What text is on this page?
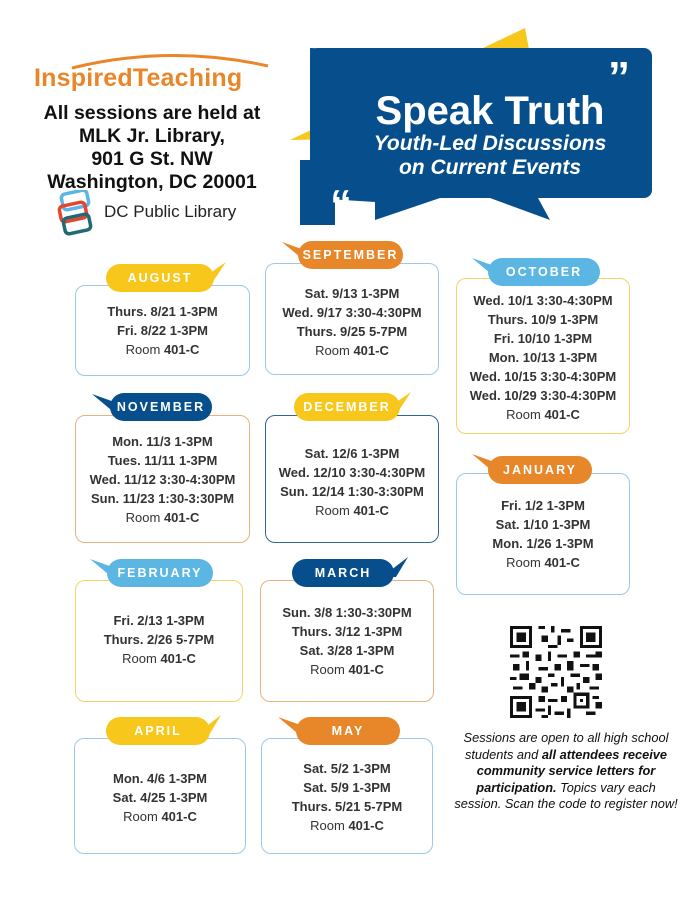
InspiredTeaching
All sessions are held at
MLK Jr. Library,
901 G St. NW
Washington, DC 20001
DC Public Library
”
“
Speak Truth
Youth-Led Discussions
on Current Events
Thurs. 8/21 1-3PM
Fri. 8/22 1-3PM
Room 401-C
AUGUST
Sat. 9/13 1-3PM
Wed. 9/17 3:30-4:30PM
Thurs. 9/25 5-7PM
Room 401-C
SEPTEMBER
Wed. 10/1 3:30-4:30PM
Thurs. 10/9 1-3PM
Fri. 10/10 1-3PM
Mon. 10/13 1-3PM
Wed. 10/15 3:30-4:30PM
Wed. 10/29 3:30-4:30PM
Room 401-C
OCTOBER
Mon. 11/3 1-3PM
Tues. 11/11 1-3PM
Wed. 11/12 3:30-4:30PM
Sun. 11/23 1:30-3:30PM
Room 401-C
NOVEMBER
Sat. 12/6 1-3PM
Wed. 12/10 3:30-4:30PM
Sun. 12/14 1:30-3:30PM
Room 401-C
DECEMBER
Fri. 1/2 1-3PM
Sat. 1/10 1-3PM
Mon. 1/26 1-3PM
Room 401-C
JANUARY
Fri. 2/13 1-3PM
Thurs. 2/26 5-7PM
Room 401-C
FEBRUARY
Sun. 3/8 1:30-3:30PM
Thurs. 3/12 1-3PM
Sat. 3/28 1-3PM
Room 401-C
MARCH
Mon. 4/6 1-3PM
Sat. 4/25 1-3PM
Room 401-C
APRIL
Sat. 5/2 1-3PM
Sat. 5/9 1-3PM
Thurs. 5/21 5-7PM
Room 401-C
MAY	Sessions are open to all high school students and all attendees receive community service letters for participation. Topics vary each session. Scan the code to register now!
